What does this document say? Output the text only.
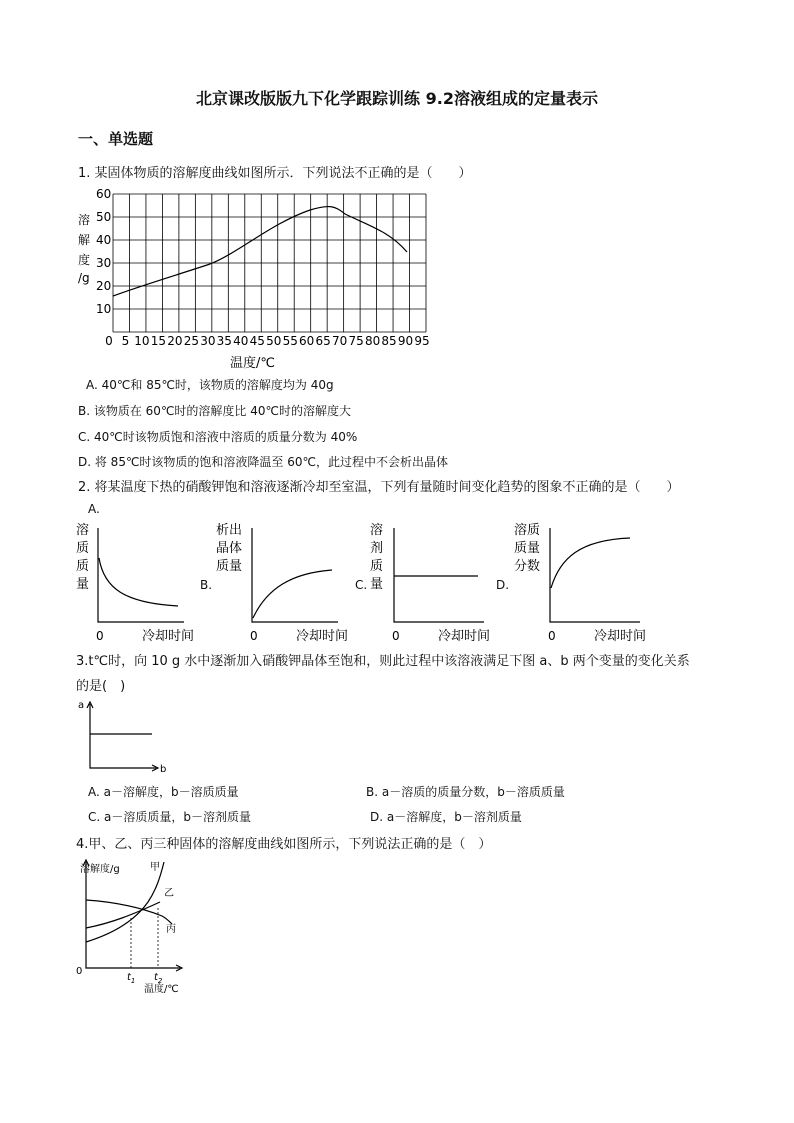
北京课改版版九下化学跟踪训练 9.2溶液组成的定量表示
一、单选题
1. 某固体物质的溶解度曲线如图所示．下列说法不正确的是（　　）
溶
解
度
/g
60
50
40
30
20
10
0 5 10 15 20 25 30 35 40 45 50 55 60 65 70 75 80 85 90 95
温度/℃
A. 40℃和 85℃时，该物质的溶解度均为 40g
B. 该物质在 60℃时的溶解度比 40℃时的溶解度大
C. 40℃时该物质饱和溶液中溶质的质量分数为 40%
D. 将 85℃时该物质的饱和溶液降温至 60℃，此过程中不会析出晶体
2. 将某温度下热的硝酸钾饱和溶液逐渐冷却至室温，下列有量随时间变化趋势的图象不正确的是（　　）
A.
溶
质
质
量
0	冷却时间
B.
析出
晶体
质量
0	冷却时间
C.
溶
剂
质
量
0	冷却时间
D.
溶质
质量
分数
0	冷却时间
3.t℃时，向 10 g 水中逐渐加入硝酸钾晶体至饱和，则此过程中该溶液满足下图 a、b 两个变量的变化关系
的是(　)
a
b
A. a－溶解度，b－溶质质量	B. a－溶质的质量分数，b－溶质质量
C. a－溶质质量，b－溶剂质量	D. a－溶解度，b－溶剂质量
4.甲、乙、丙三种固体的溶解度曲线如图所示，下列说法正确的是（　）
溶解度/g	甲
乙
丙
0
$t_1$ $t_2$
温度/℃
